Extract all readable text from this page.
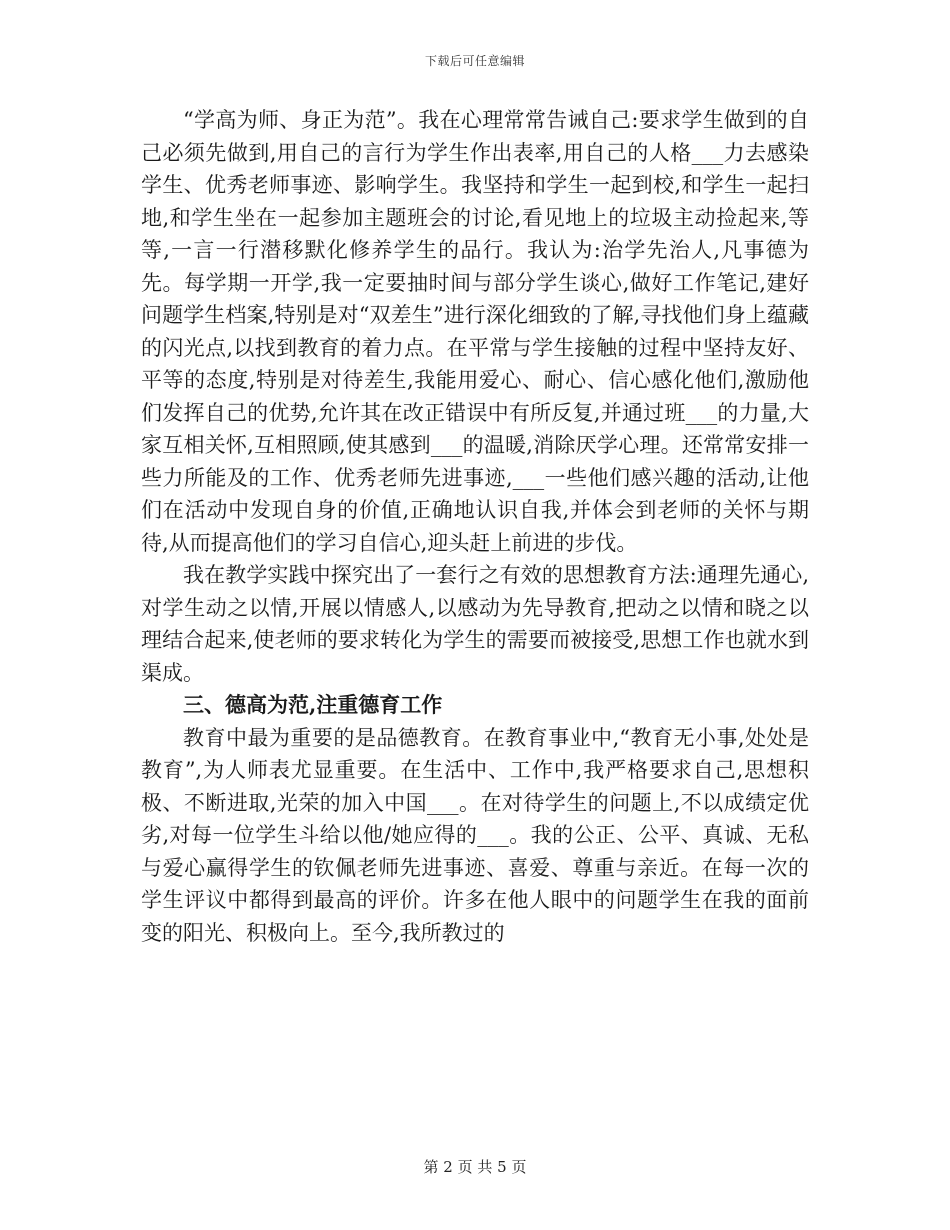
下载后可任意编辑

“学高为师、身正为范”。我在心理常常告诫自己:要求学生做到的自己必须先做到,用自己的言行为学生作出表率,用自己的人格___力去感染学生、优秀老师事迹、影响学生。我坚持和学生一起到校,和学生一起扫地,和学生坐在一起参加主题班会的讨论,看见地上的垃圾主动捡起来,等等,一言一行潜移默化修养学生的品行。我认为:治学先治人,凡事德为先。每学期一开学,我一定要抽时间与部分学生谈心,做好工作笔记,建好问题学生档案,特别是对“双差生”进行深化细致的了解,寻找他们身上蕴藏的闪光点,以找到教育的着力点。在平常与学生接触的过程中坚持友好、平等的态度,特别是对待差生,我能用爱心、耐心、信心感化他们,激励他们发挥自己的优势,允许其在改正错误中有所反复,并通过班___的力量,大家互相关怀,互相照顾,使其感到___的温暖,消除厌学心理。还常常安排一些力所能及的工作、优秀老师先进事迹,___一些他们感兴趣的活动,让他们在活动中发现自身的价值,正确地认识自我,并体会到老师的关怀与期待,从而提高他们的学习自信心,迎头赶上前进的步伐。

我在教学实践中探究出了一套行之有效的思想教育方法:通理先通心,对学生动之以情,开展以情感人,以感动为先导教育,把动之以情和晓之以理结合起来,使老师的要求转化为学生的需要而被接受,思想工作也就水到渠成。

三、德高为范,注重德育工作

教育中最为重要的是品德教育。在教育事业中,“教育无小事,处处是教育”,为人师表尤显重要。在生活中、工作中,我严格要求自己,思想积极、不断进取,光荣的加入中国___。在对待学生的问题上,不以成绩定优劣,对每一位学生斗给以他/她应得的___。我的公正、公平、真诚、无私与爱心赢得学生的钦佩老师先进事迹、喜爱、尊重与亲近。在每一次的学生评议中都得到最高的评价。许多在他人眼中的问题学生在我的面前变的阳光、积极向上。至今,我所教过的

第 2 页 共 5 页
